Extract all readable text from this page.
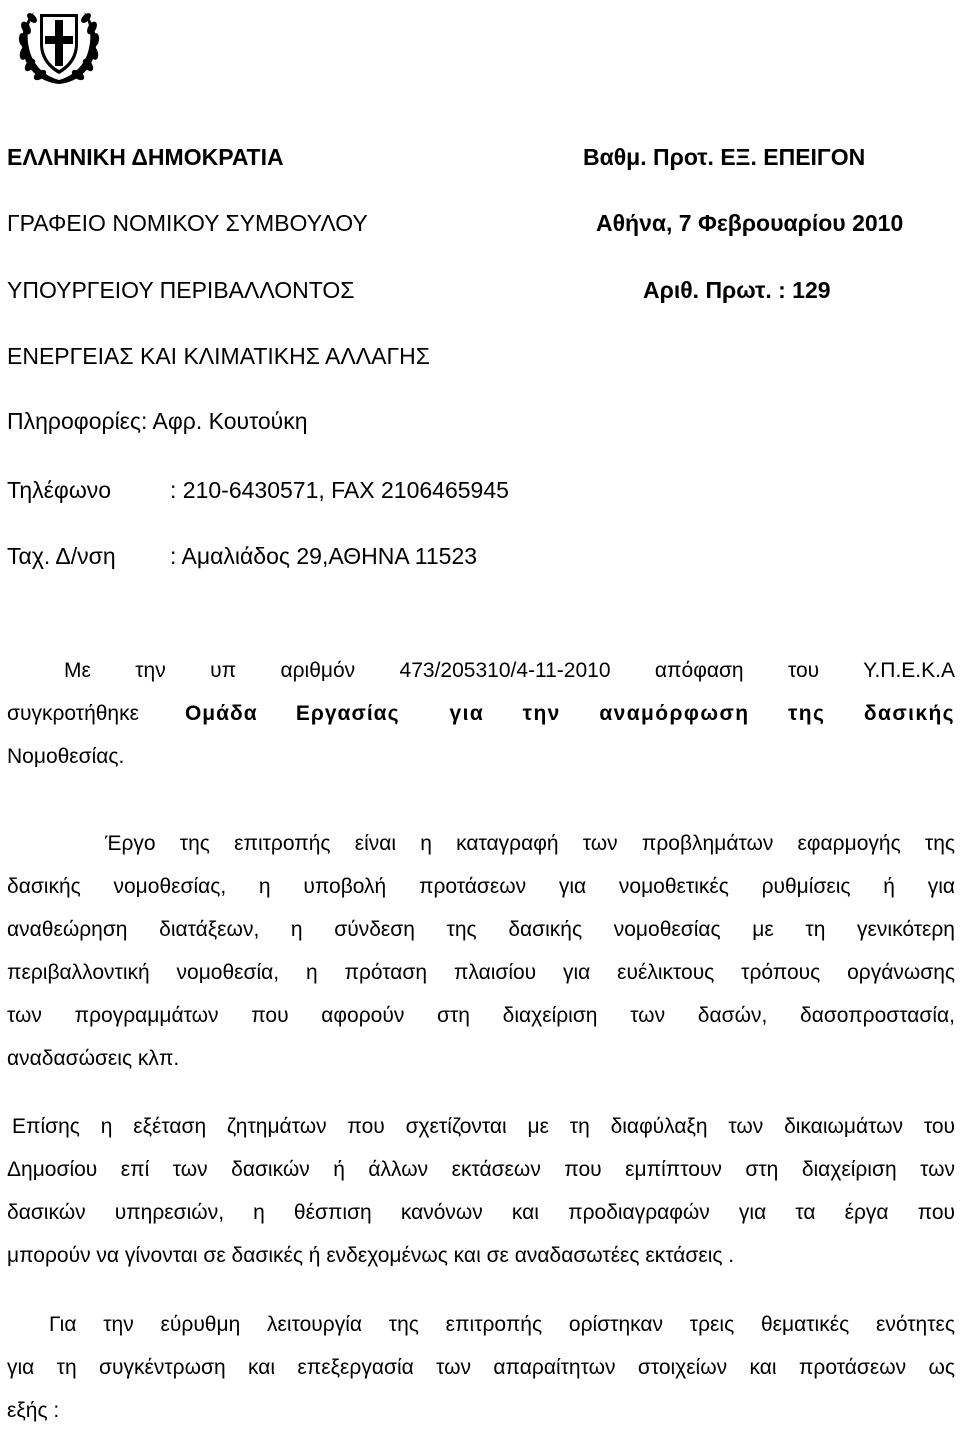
ΕΛΛΗΝΙΚΗ ΔΗΜΟΚΡΑΤΙΑ

ΓΡΑΦΕΙΟ ΝΟΜΙΚΟΥ ΣΥΜΒΟΥΛΟΥ

ΥΠΟΥΡΓΕΙΟΥ ΠΕΡΙΒΑΛΛΟΝΤΟΣ

ΕΝΕΡΓΕΙΑΣ ΚΑΙ ΚΛΙΜΑΤΙΚΗΣ ΑΛΛΑΓΗΣ

Πληροφορίες: Αφρ. Κουτούκη

Βαθμ. Προτ. ΕΞ. ΕΠΕΙΓΟΝ

Αθήνα, 7 Φεβρουαρίου 2010

Αριθ. Πρωτ. : 129

Τηλέφωνο	: 210-6430571, FAX 2106465945

Ταχ. Δ/νση : Αμαλιάδος 29,ΑΘΗΝΑ 11523

Με την υπ αριθμόν 473/205310/4-11-2010 απόφαση του Υ.Π.Ε.Κ.Α
συγκροτήθηκε Ομάδα Εργασίας για την αναμόρφωση της δασικής
Νομοθεσίας.
Έργο της επιτροπής είναι η καταγραφή των προβλημάτων εφαρμογής της
δασικής νομοθεσίας, η υποβολή προτάσεων για νομοθετικές ρυθμίσεις ή για
αναθεώρηση διατάξεων, η σύνδεση της δασικής νομοθεσίας με τη γενικότερη
περιβαλλοντική νομοθεσία, η πρόταση πλαισίου για ευέλικτους τρόπους οργάνωσης
των προγραμμάτων που αφορούν στη διαχείριση των δασών, δασοπροστασία,
αναδασώσεις κλπ.
Επίσης η εξέταση ζητημάτων που σχετίζονται με τη διαφύλαξη των δικαιωμάτων του
Δημοσίου επί των δασικών ή άλλων εκτάσεων που εμπίπτουν στη διαχείριση των
δασικών υπηρεσιών, η θέσπιση κανόνων και προδιαγραφών για τα έργα που
μπορούν να γίνονται σε δασικές ή ενδεχομένως και σε αναδασωτέες εκτάσεις .
Για την εύρυθμη λειτουργία της επιτροπής ορίστηκαν τρεις θεματικές ενότητες
για τη συγκέντρωση και επεξεργασία των απαραίτητων στοιχείων και προτάσεων ως
εξής :
